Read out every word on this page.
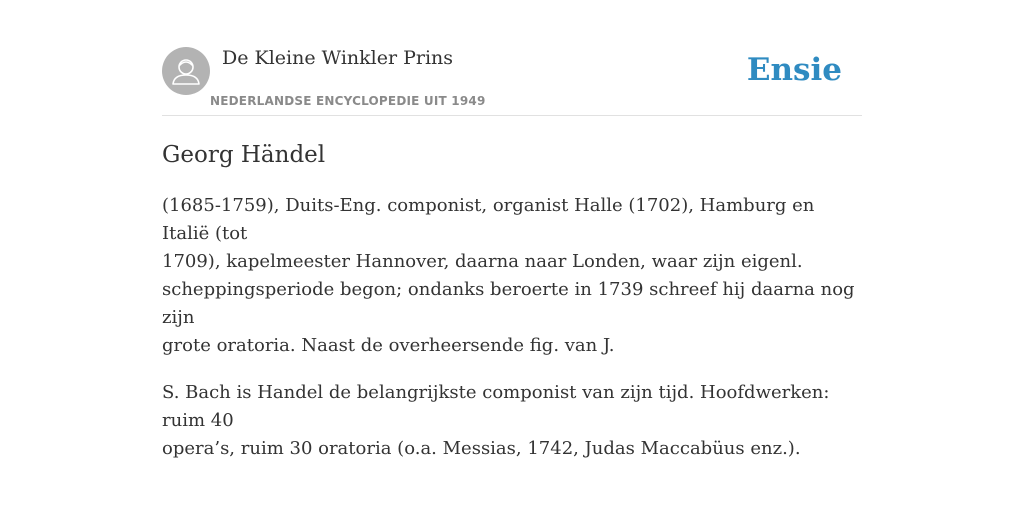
De Kleine Winkler Prins

NEDERLANDSE ENCYCLOPEDIE UIT 1949
Ensie
Georg Händel

(1685-1759), Duits-Eng. componist, organist Halle (1702), Hamburg en Italië (tot
1709), kapelmeester Hannover, daarna naar Londen, waar zijn eigenl.
scheppingsperiode begon; ondanks beroerte in 1739 schreef hij daarna nog zijn
grote oratoria. Naast de overheersende fig. van J.

S. Bach is Handel de belangrijkste componist van zijn tijd. Hoofdwerken: ruim 40
opera’s, ruim 30 oratoria (o.a. Messias, 1742, Judas Maccabüus enz.).
